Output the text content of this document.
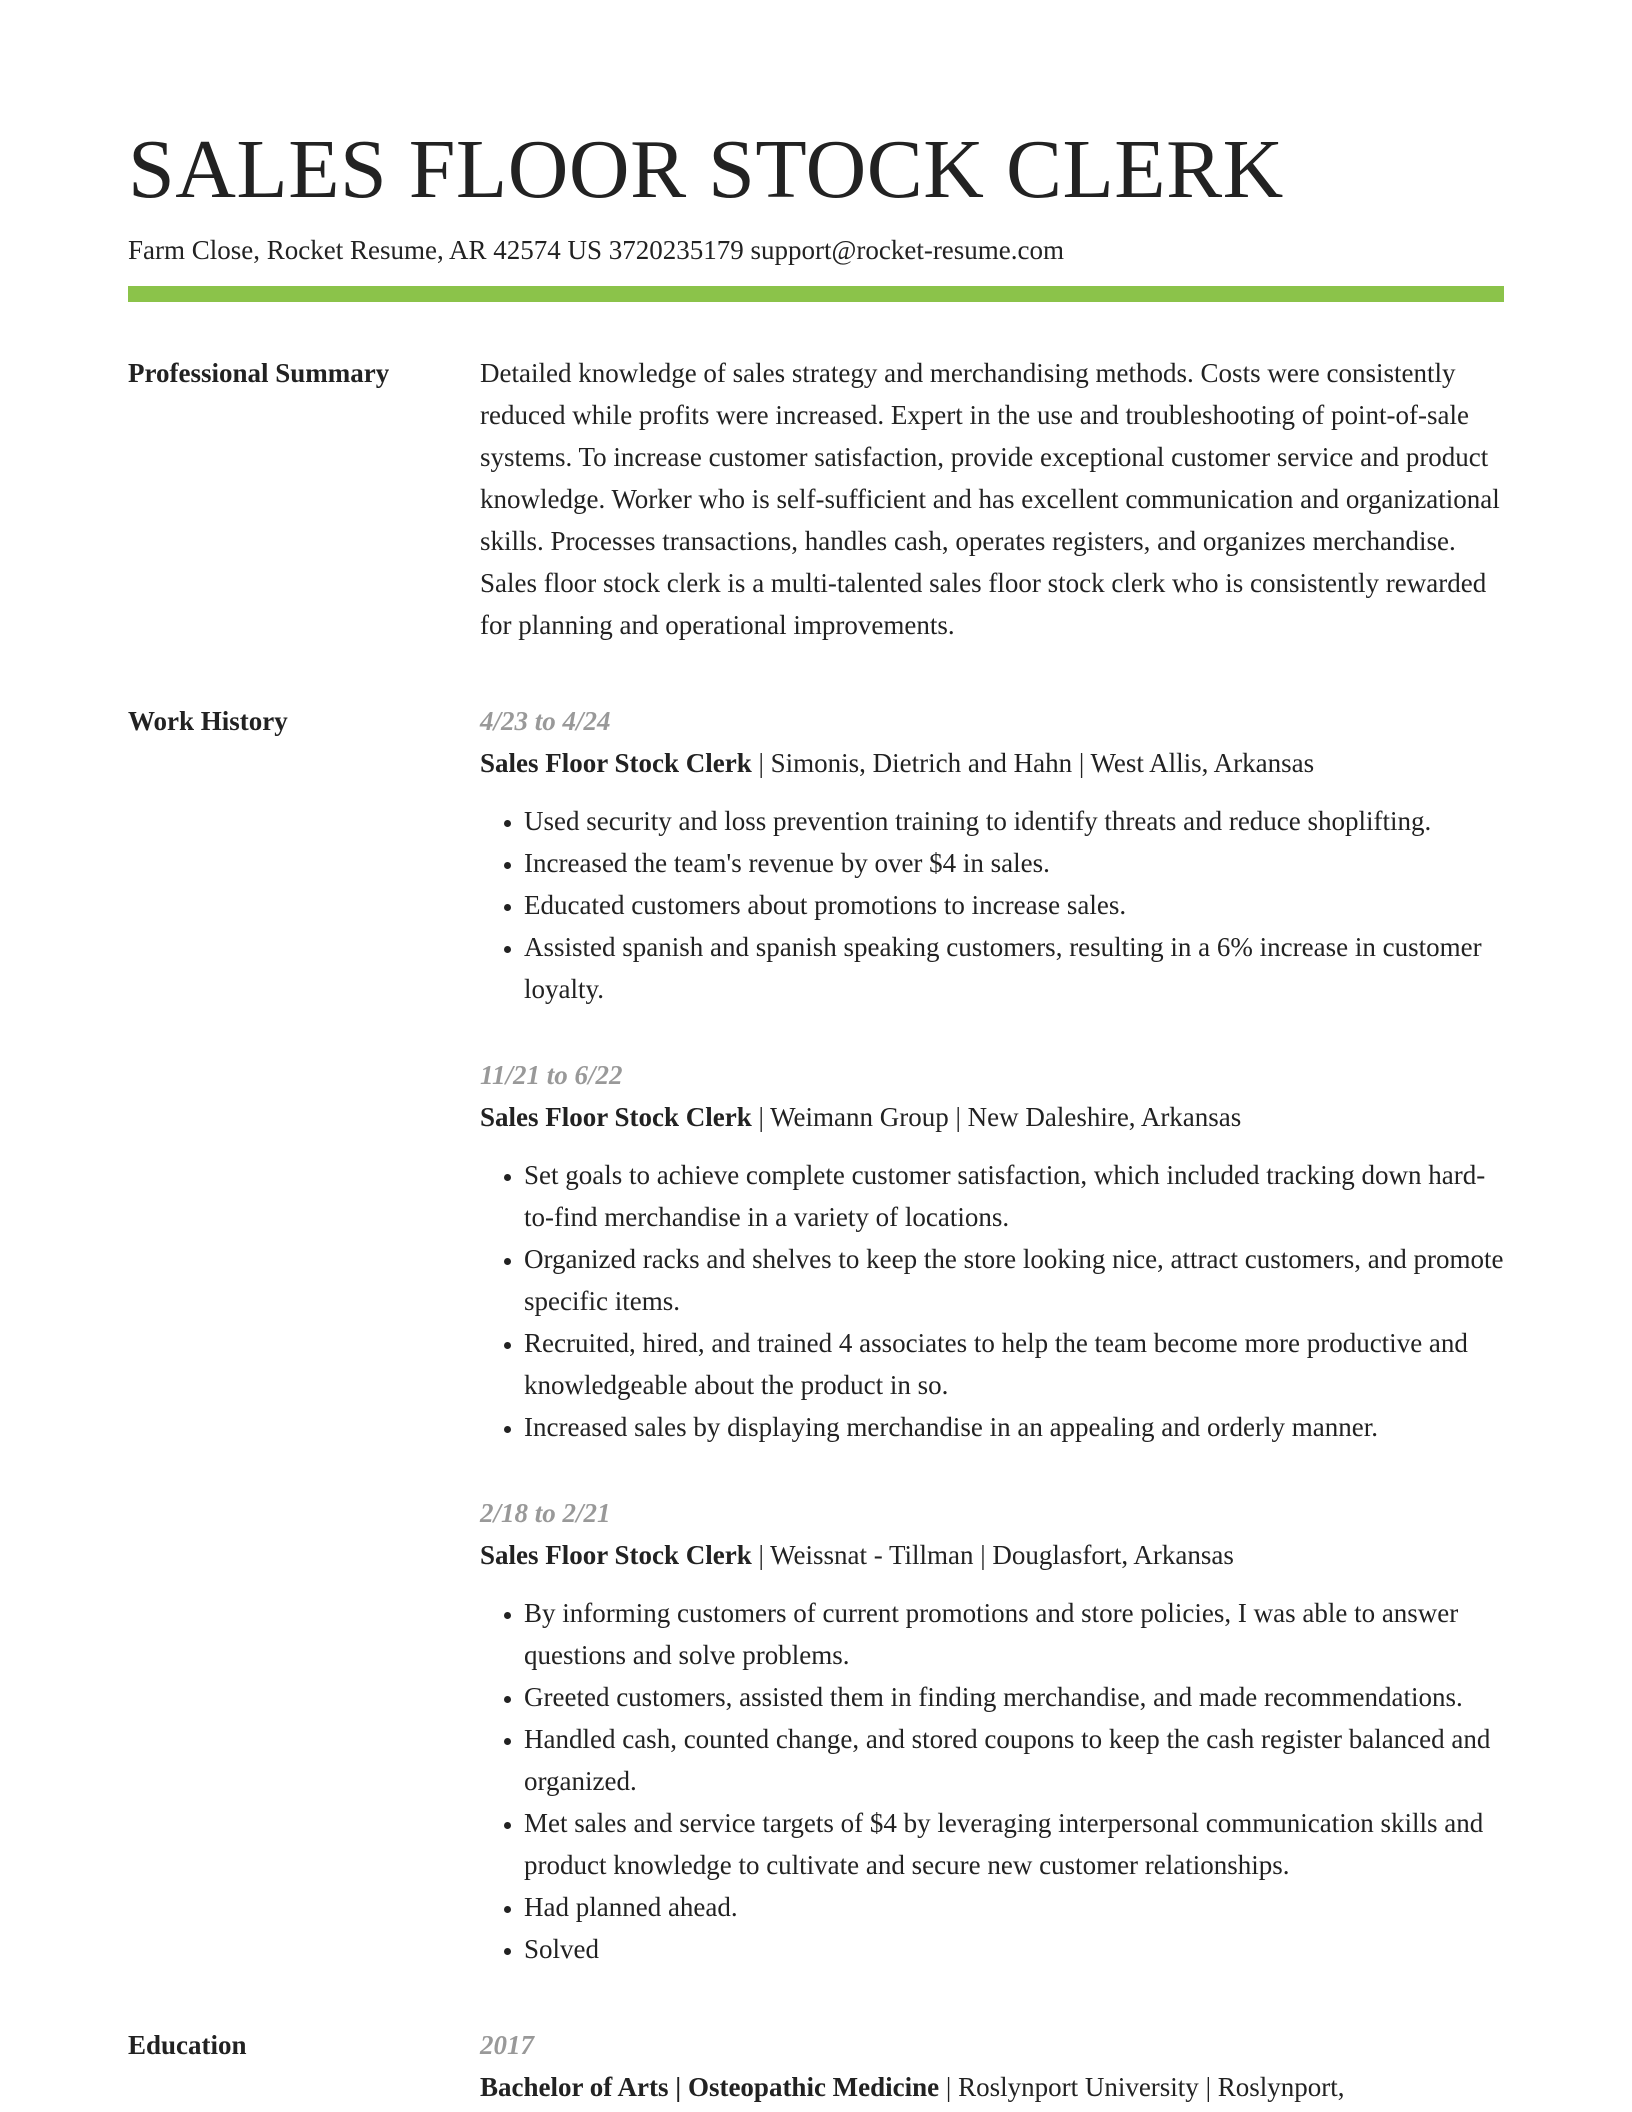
SALES FLOOR STOCK CLERK
Farm Close, Rocket Resume, AR 42574 US 3720235179 support@rocket-resume.com
Professional Summary	Detailed knowledge of sales strategy and merchandising methods. Costs were consistently reduced while profits were increased. Expert in the use and troubleshooting of point-of-sale systems. To increase customer satisfaction, provide exceptional customer service and product knowledge. Worker who is self-sufficient and has excellent communication and organizational skills. Processes transactions, handles cash, operates registers, and organizes merchandise. Sales floor stock clerk is a multi-talented sales floor stock clerk who is consistently rewarded for planning and operational improvements.

Work History	4/23 to 4/24
Sales Floor Stock Clerk | Simonis, Dietrich and Hahn | West Allis, Arkansas
• Used security and loss prevention training to identify threats and reduce shoplifting.
• Increased the team's revenue by over $4 in sales.
• Educated customers about promotions to increase sales.
• Assisted spanish and spanish speaking customers, resulting in a 6% increase in customer loyalty.
11/21 to 6/22
Sales Floor Stock Clerk | Weimann Group | New Daleshire, Arkansas
• Set goals to achieve complete customer satisfaction, which included tracking down hard-to-find merchandise in a variety of locations.
• Organized racks and shelves to keep the store looking nice, attract customers, and promote specific items.
• Recruited, hired, and trained 4 associates to help the team become more productive and knowledgeable about the product in so.
• Increased sales by displaying merchandise in an appealing and orderly manner.
2/18 to 2/21
Sales Floor Stock Clerk | Weissnat - Tillman | Douglasfort, Arkansas
• By informing customers of current promotions and store policies, I was able to answer questions and solve problems.
• Greeted customers, assisted them in finding merchandise, and made recommendations.
• Handled cash, counted change, and stored coupons to keep the cash register balanced and organized.
• Met sales and service targets of $4 by leveraging interpersonal communication skills and product knowledge to cultivate and secure new customer relationships.
• Had planned ahead.
• Solved
Education	2017
Bachelor of Arts | Osteopathic Medicine | Roslynport University | Roslynport,
